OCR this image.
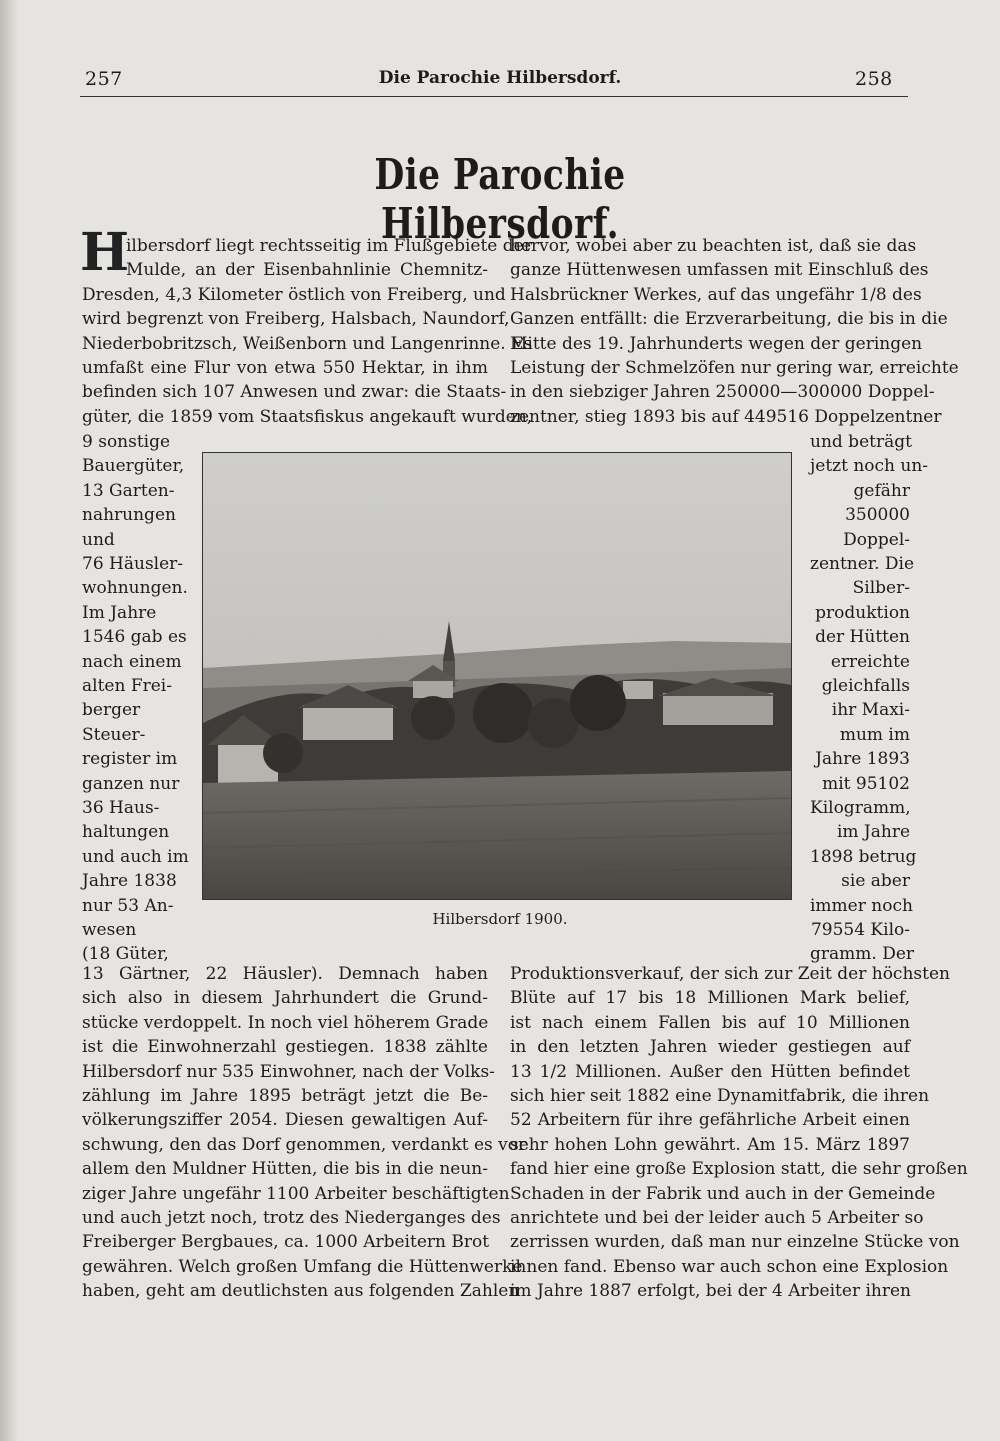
257	Die Parochie Hilbersdorf.	258
Die Parochie Hilbersdorf.
H
Hilbersdorf 1900.
ilbersdorf liegt rechtsseitig im Flußgebiete der
Mulde, an der Eisenbahnlinie Chemnitz-
Dresden, 4,3 Kilometer östlich von Freiberg, und
wird begrenzt von Freiberg, Halsbach, Naundorf,
Niederbobritzsch, Weißenborn und Langenrinne. Es
umfaßt eine Flur von etwa 550 Hektar, in ihm
befinden sich 107 Anwesen und zwar: die Staats-
güter, die 1859 vom Staatsfiskus angekauft wurden,
9 sonstige
Bauergüter,
13 Garten-
nahrungen
und
76 Häusler-
wohnungen.
Im Jahre
1546 gab es
nach einem
alten Frei-
berger
Steuer-
register im
ganzen nur
36 Haus-
haltungen
und auch im
Jahre 1838
nur 53 An-
wesen
(18 Güter,
13 Gärtner, 22 Häusler). Demnach haben
sich also in diesem Jahrhundert die Grund-
stücke verdoppelt. In noch viel höherem Grade
ist die Einwohnerzahl gestiegen. 1838 zählte
Hilbersdorf nur 535 Einwohner, nach der Volks-
zählung im Jahre 1895 beträgt jetzt die Be-
völkerungsziffer 2054. Diesen gewaltigen Auf-
schwung, den das Dorf genommen, verdankt es vor
allem den Muldner Hütten, die bis in die neun-
ziger Jahre ungefähr 1100 Arbeiter beschäftigten
und auch jetzt noch, trotz des Niederganges des
Freiberger Bergbaues, ca. 1000 Arbeitern Brot
gewähren. Welch großen Umfang die Hüttenwerke
haben, geht am deutlichsten aus folgenden Zahlen
hervor, wobei aber zu beachten ist, daß sie das
ganze Hüttenwesen umfassen mit Einschluß des
Halsbrückner Werkes, auf das ungefähr 1/8 des
Ganzen entfällt: die Erzverarbeitung, die bis in die
Mitte des 19. Jahrhunderts wegen der geringen
Leistung der Schmelzöfen nur gering war, erreichte
in den siebziger Jahren 250000—300000 Doppel-
zentner, stieg 1893 bis auf 449516 Doppelzentner
und beträgt
jetzt noch un-
gefähr
350000
Doppel-
zentner. Die
Silber-
produktion
der Hütten
erreichte
gleichfalls
ihr Maxi-
mum im
Jahre 1893
mit 95102
Kilogramm,
im Jahre
1898 betrug
sie aber
immer noch
79554 Kilo-
gramm. Der
Produktionsverkauf, der sich zur Zeit der höchsten
Blüte auf 17 bis 18 Millionen Mark belief,
ist nach einem Fallen bis auf 10 Millionen
in den letzten Jahren wieder gestiegen auf
13 1/2 Millionen. Außer den Hütten befindet
sich hier seit 1882 eine Dynamitfabrik, die ihren
52 Arbeitern für ihre gefährliche Arbeit einen
sehr hohen Lohn gewährt. Am 15. März 1897
fand hier eine große Explosion statt, die sehr großen
Schaden in der Fabrik und auch in der Gemeinde
anrichtete und bei der leider auch 5 Arbeiter so
zerrissen wurden, daß man nur einzelne Stücke von
ihnen fand. Ebenso war auch schon eine Explosion
im Jahre 1887 erfolgt, bei der 4 Arbeiter ihren
